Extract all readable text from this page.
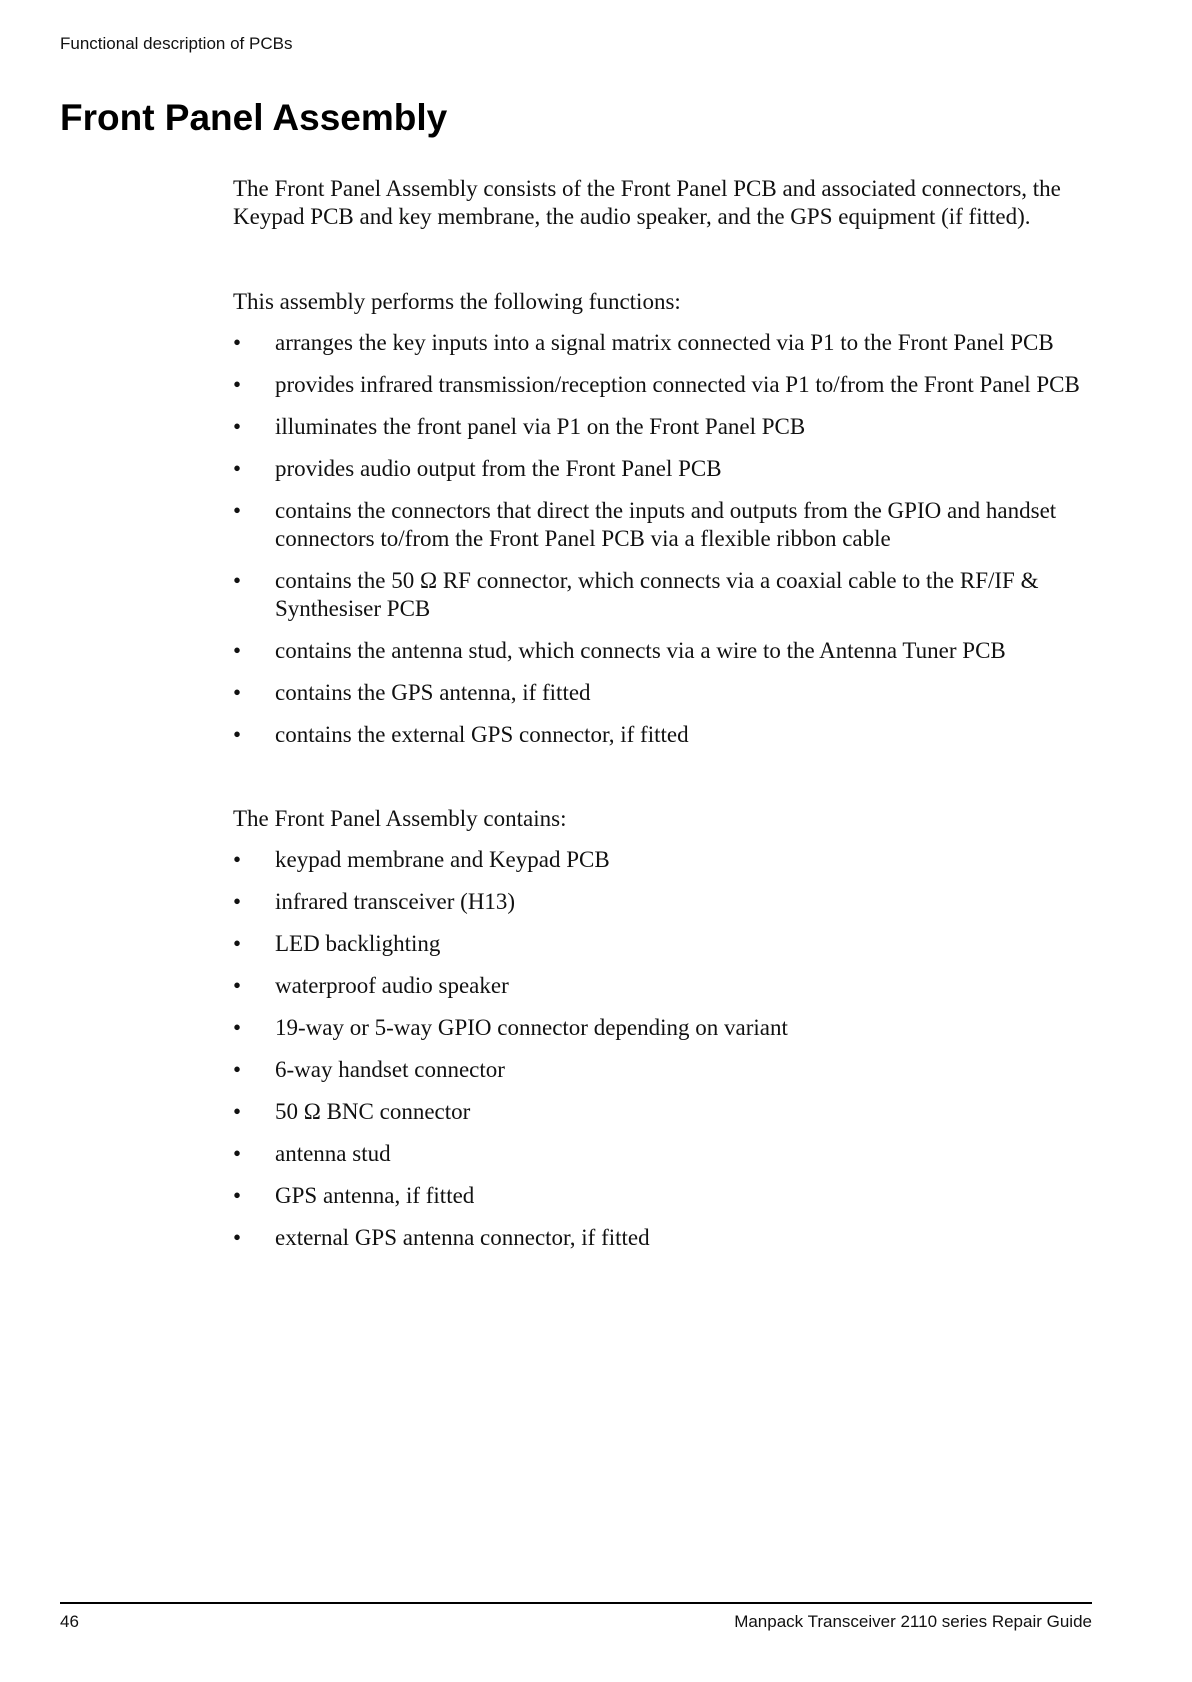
Functional description of PCBs
Front Panel Assembly

The Front Panel Assembly consists of the Front Panel PCB and associated connectors, the Keypad PCB and key membrane, the audio speaker, and the GPS equipment (if fitted).

This assembly performs the following functions:

• arranges the key inputs into a signal matrix connected via P1 to the Front Panel PCB
• provides infrared transmission/reception connected via P1 to/from the Front Panel PCB
• illuminates the front panel via P1 on the Front Panel PCB
• provides audio output from the Front Panel PCB
• contains the connectors that direct the inputs and outputs from the GPIO and handset connectors to/from the Front Panel PCB via a flexible ribbon cable
• contains the 50 Ω RF connector, which connects via a coaxial cable to the RF/IF & Synthesiser PCB
• contains the antenna stud, which connects via a wire to the Antenna Tuner PCB
• contains the GPS antenna, if fitted
• contains the external GPS connector, if fitted

The Front Panel Assembly contains:

• keypad membrane and Keypad PCB
• infrared transceiver (H13)
• LED backlighting
• waterproof audio speaker
• 19-way or 5-way GPIO connector depending on variant
• 6-way handset connector
• 50 Ω BNC connector
• antenna stud
• GPS antenna, if fitted
• external GPS antenna connector, if fitted
46	Manpack Transceiver 2110 series Repair Guide
